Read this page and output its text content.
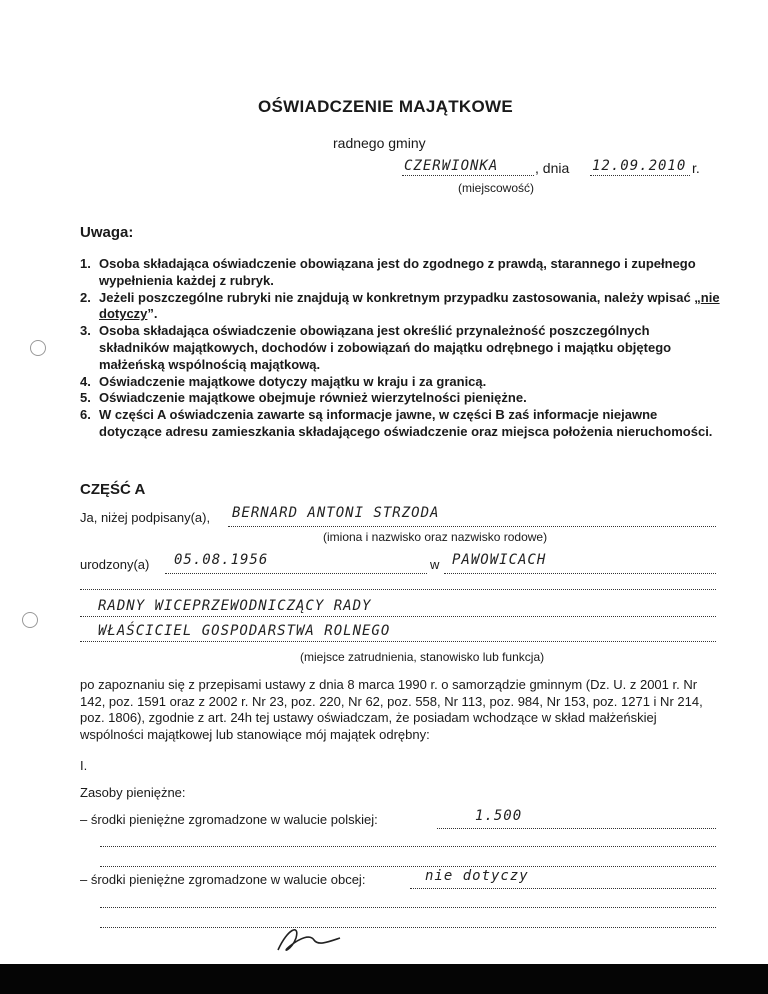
OŚWIADCZENIE MAJĄTKOWE
radnego gminy
CZERWIONKA	, dnia 12.09.2010 r.
(miejscowość)
Uwaga:
1. Osoba składająca oświadczenie obowiązana jest do zgodnego z prawdą, starannego i zupełnego wypełnienia każdej z rubryk.
2. Jeżeli poszczególne rubryki nie znajdują w konkretnym przypadku zastosowania, należy wpisać „nie dotyczy”.
3. Osoba składająca oświadczenie obowiązana jest określić przynależność poszczególnych składników majątkowych, dochodów i zobowiązań do majątku odrębnego i majątku objętego małżeńską wspólnością majątkową.
4. Oświadczenie majątkowe dotyczy majątku w kraju i za granicą.
5. Oświadczenie majątkowe obejmuje również wierzytelności pieniężne.
6. W części A oświadczenia zawarte są informacje jawne, w części B zaś informacje niejawne dotyczące adresu zamieszkania składającego oświadczenie oraz miejsca położenia nieruchomości.
CZĘŚĆ A
Ja, niżej podpisany(a), BERNARD ANTONI STRZODA
(imiona i nazwisko oraz nazwisko rodowe)
urodzony(a) 05.08.1956	w PAWOWICACH
RADNY WICEPRZEWODNICZĄCY RADY
WŁAŚCICIEL GOSPODARSTWA ROLNEGO
(miejsce zatrudnienia, stanowisko lub funkcja)
po zapoznaniu się z przepisami ustawy z dnia 8 marca 1990 r. o samorządzie gminnym (Dz. U. z 2001 r. Nr 142, poz. 1591 oraz z 2002 r. Nr 23, poz. 220, Nr 62, poz. 558, Nr 113, poz. 984, Nr 153, poz. 1271 i Nr 214, poz. 1806), zgodnie z art. 24h tej ustawy oświadczam, że posiadam wchodzące w skład małżeńskiej wspólności majątkowej lub stanowiące mój majątek odrębny:
I.
Zasoby pieniężne:
– środki pieniężne zgromadzone w walucie polskiej:	1.500
– środki pieniężne zgromadzone w walucie obcej:	nie dotyczy
